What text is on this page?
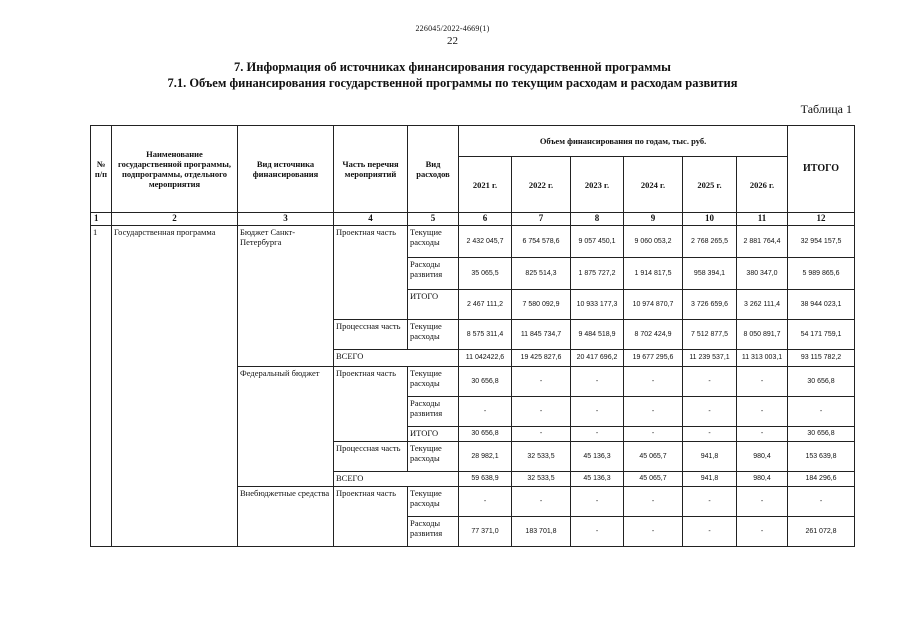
226045/2022-4669(1)
22
7. Информация об источниках финансирования государственной программы
7.1. Объем финансирования государственной программы по текущим расходам и расходам развития
Таблица 1
№ п/п	Наименование государственной программы, подпрограммы, отдельного мероприятия	Вид источника финансирования	Часть перечня мероприятий	Вид расходов	Объем финансирования по годам, тыс. руб.						ИТОГО
					2021 г.	2022 г.	2023 г.	2024 г.	2025 г.	2026 г.	
1	2	3	4	5	6	7	8	9	10	11	12
1	Государственная программа	Бюджет Санкт-Петербурга	Проектная часть	Текущие расходы	2 432 045,7	6 754 578,6	9 057 450,1	9 060 053,2	2 768 265,5	2 881 764,4	32 954 157,5
				Расходы развития	35 065,5	825 514,3	1 875 727,2	1 914 817,5	958 394,1	380 347,0	5 989 865,6
				ИТОГО	2 467 111,2	7 580 092,9	10 933 177,3	10 974 870,7	3 726 659,6	3 262 111,4	38 944 023,1
			Процессная часть	Текущие расходы	8 575 311,4	11 845 734,7	9 484 518,9	8 702 424,9	7 512 877,5	8 050 891,7	54 171 759,1
			ВСЕГО		11 042422,6	19 425 827,6	20 417 696,2	19 677 295,6	11 239 537,1	11 313 003,1	93 115 782,2
		Федеральный бюджет	Проектная часть	Текущие расходы	30 656,8	-	-	-	-	-	30 656,8
				Расходы развития	-	-	-	-	-	-	-
				ИТОГО	30 656,8	-	-	-	-	-	30 656,8
			Процессная часть	Текущие расходы	28 982,1	32 533,5	45 136,3	45 065,7	941,8	980,4	153 639,8
			ВСЕГО		59 638,9	32 533,5	45 136,3	45 065,7	941,8	980,4	184 296,6
		Внебюджетные средства	Проектная часть	Текущие расходы	-	-	-	-	-	-	-
				Расходы развития	77 371,0	183 701,8	-	-	-	-	261 072,8
